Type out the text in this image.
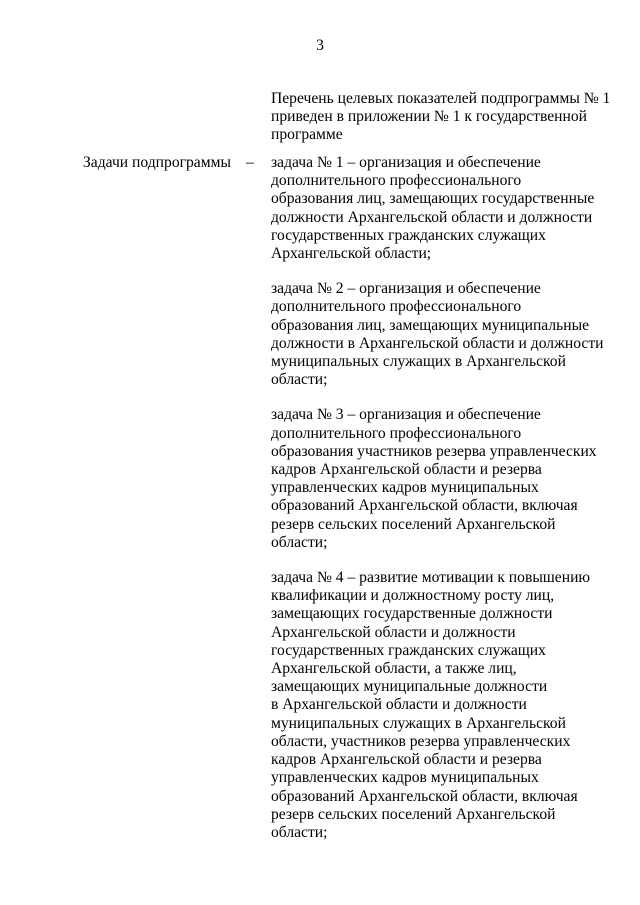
3
Перечень целевых показателей подпрограммы № 1
приведен в приложении № 1 к государственной
программе
Задачи подпрограммы – задача № 1 – организация и обеспечение
дополнительного профессионального
образования лиц, замещающих государственные
должности Архангельской области и должности
государственных гражданских служащих
Архангельской области;
задача № 2 – организация и обеспечение
дополнительного профессионального
образования лиц, замещающих муниципальные
должности в Архангельской области и должности
муниципальных служащих в Архангельской
области;
задача № 3 – организация и обеспечение
дополнительного профессионального
образования участников резерва управленческих
кадров Архангельской области и резерва
управленческих кадров муниципальных
образований Архангельской области, включая
резерв сельских поселений Архангельской
области;
задача № 4 – развитие мотивации к повышению
квалификации и должностному росту лиц,
замещающих государственные должности
Архангельской области и должности
государственных гражданских служащих
Архангельской области, а также лиц,
замещающих муниципальные должности
в Архангельской области и должности
муниципальных служащих в Архангельской
области, участников резерва управленческих
кадров Архангельской области и резерва
управленческих кадров муниципальных
образований Архангельской области, включая
резерв сельских поселений Архангельской
области;
